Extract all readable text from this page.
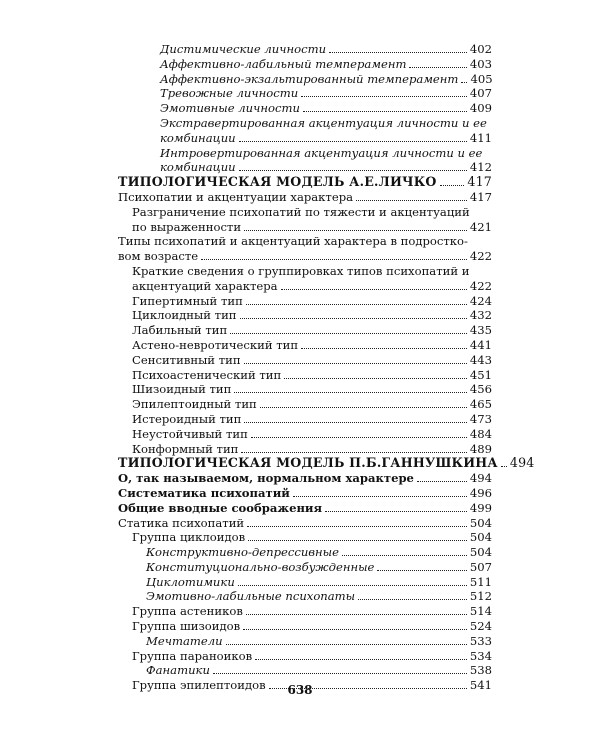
Дистимические личности	402
Аффективно-лабильный темперамент	403
Аффективно-экзальтированный темперамент 405
Тревожные личности	407
Эмотивные личности	409
Экстравертированная акцентуация личности и ее
комбинации	411
Интровертированная акцентуация личности и ее
комбинации	412
ТИПОЛОГИЧЕСКАЯ МОДЕЛЬ А.Е.ЛИЧКО 417
Психопатии и акцентуации характера	417
Разграничение психопатий по тяжести и акцентуаций
по выраженности	421
Типы психопатий и акцентуаций характера в подростко-
вом возрасте	422
Краткие сведения о группировках типов психопатий и
акцентуаций характера	422
Гипертимный тип	424
Циклоидный тип	432
Лабильный тип	435
Астено-невротический тип	441
Сенситивный тип	443
Психоастенический тип	451
Шизоидный тип	456
Эпилептоидный тип	465
Истероидный тип	473
Неустойчивый тип	484
Конформный тип	489
ТИПОЛОГИЧЕСКАЯ МОДЕЛЬ П.Б.ГАННУШКИНА 494
О, так называемом, нормальном характере	494
Систематика психопатий	496
Общие вводные соображения	499
Статика психопатий	504
Группа циклоидов	504
Конструктивно-депрессивные	504
Конституционально-возбужденные	507
Циклотимики	511
Эмотивно-лабильные психопаты	512
Группа астеников	514
Группа шизоидов	524
Мечтатели	533
Группа параноиков	534
Фанатики	538
Группа эпилептоидов	541
638
